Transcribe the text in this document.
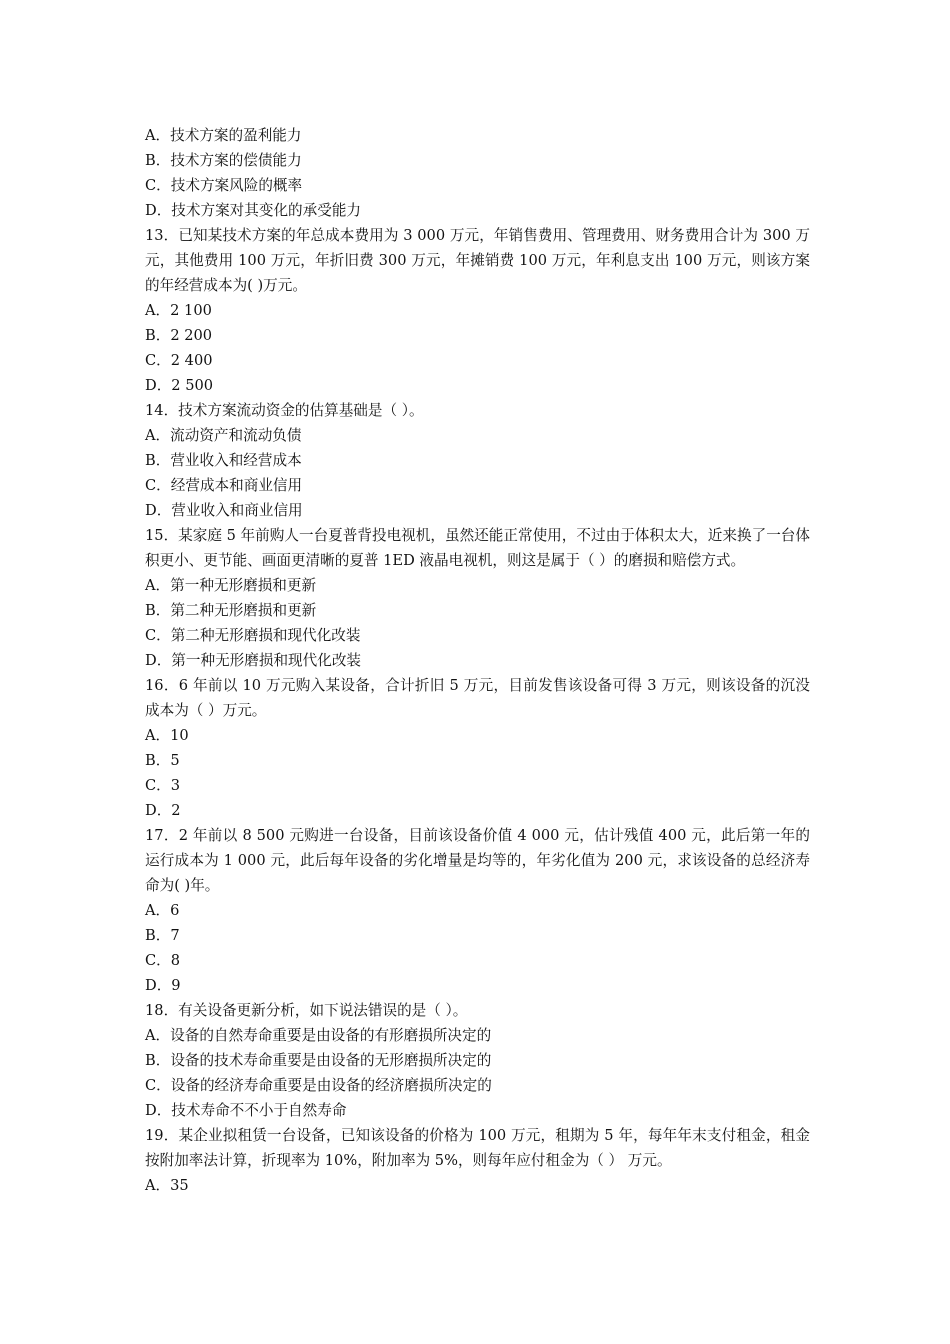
A．技术方案的盈利能力

B．技术方案的偿债能力

C．技术方案风险的概率

D．技术方案对其变化的承受能力

13．已知某技术方案的年总成本费用为 3 000 万元，年销售费用、管理费用、财务费用合计为 300 万元，其他费用 100 万元，年折旧费 300 万元，年摊销费 100 万元，年利息支出 100 万元，则该方案的年经营成本为( )万元。

A．2 100

B．2 200

C．2 400

D．2 500

14．技术方案流动资金的估算基础是（ ）。

A．流动资产和流动负债

B．营业收入和经营成本

C．经营成本和商业信用

D．营业收入和商业信用

15．某家庭 5 年前购人一台夏普背投电视机，虽然还能正常使用，不过由于体积太大，近来换了一台体积更小、更节能、画面更清晰的夏普 1ED 液晶电视机，则这是属于（ ）的磨损和赔偿方式。

A．第一种无形磨损和更新

B．第二种无形磨损和更新

C．第二种无形磨损和现代化改装

D．第一种无形磨损和现代化改装

16．6 年前以 10 万元购入某设备，合计折旧 5 万元，目前发售该设备可得 3 万元，则该设备的沉没成本为（ ）万元。

A．10

B．5

C．3

D．2

17．2 年前以 8 500 元购进一台设备，目前该设备价值 4 000 元，估计残值 400 元，此后第一年的运行成本为 1 000 元，此后每年设备的劣化增量是均等的，年劣化值为 200 元，求该设备的总经济寿命为( )年。

A．6

B．7

C．8

D．9

18．有关设备更新分析，如下说法错误的是（ ）。

A．设备的自然寿命重要是由设备的有形磨损所决定的

B．设备的技术寿命重要是由设备的无形磨损所决定的

C．设备的经济寿命重要是由设备的经济磨损所决定的

D．技术寿命不不小于自然寿命

19．某企业拟租赁一台设备，已知该设备的价格为 100 万元，租期为 5 年，每年年末支付租金，租金按附加率法计算，折现率为 10%，附加率为 5%，则每年应付租金为（ ） 万元。

A．35
